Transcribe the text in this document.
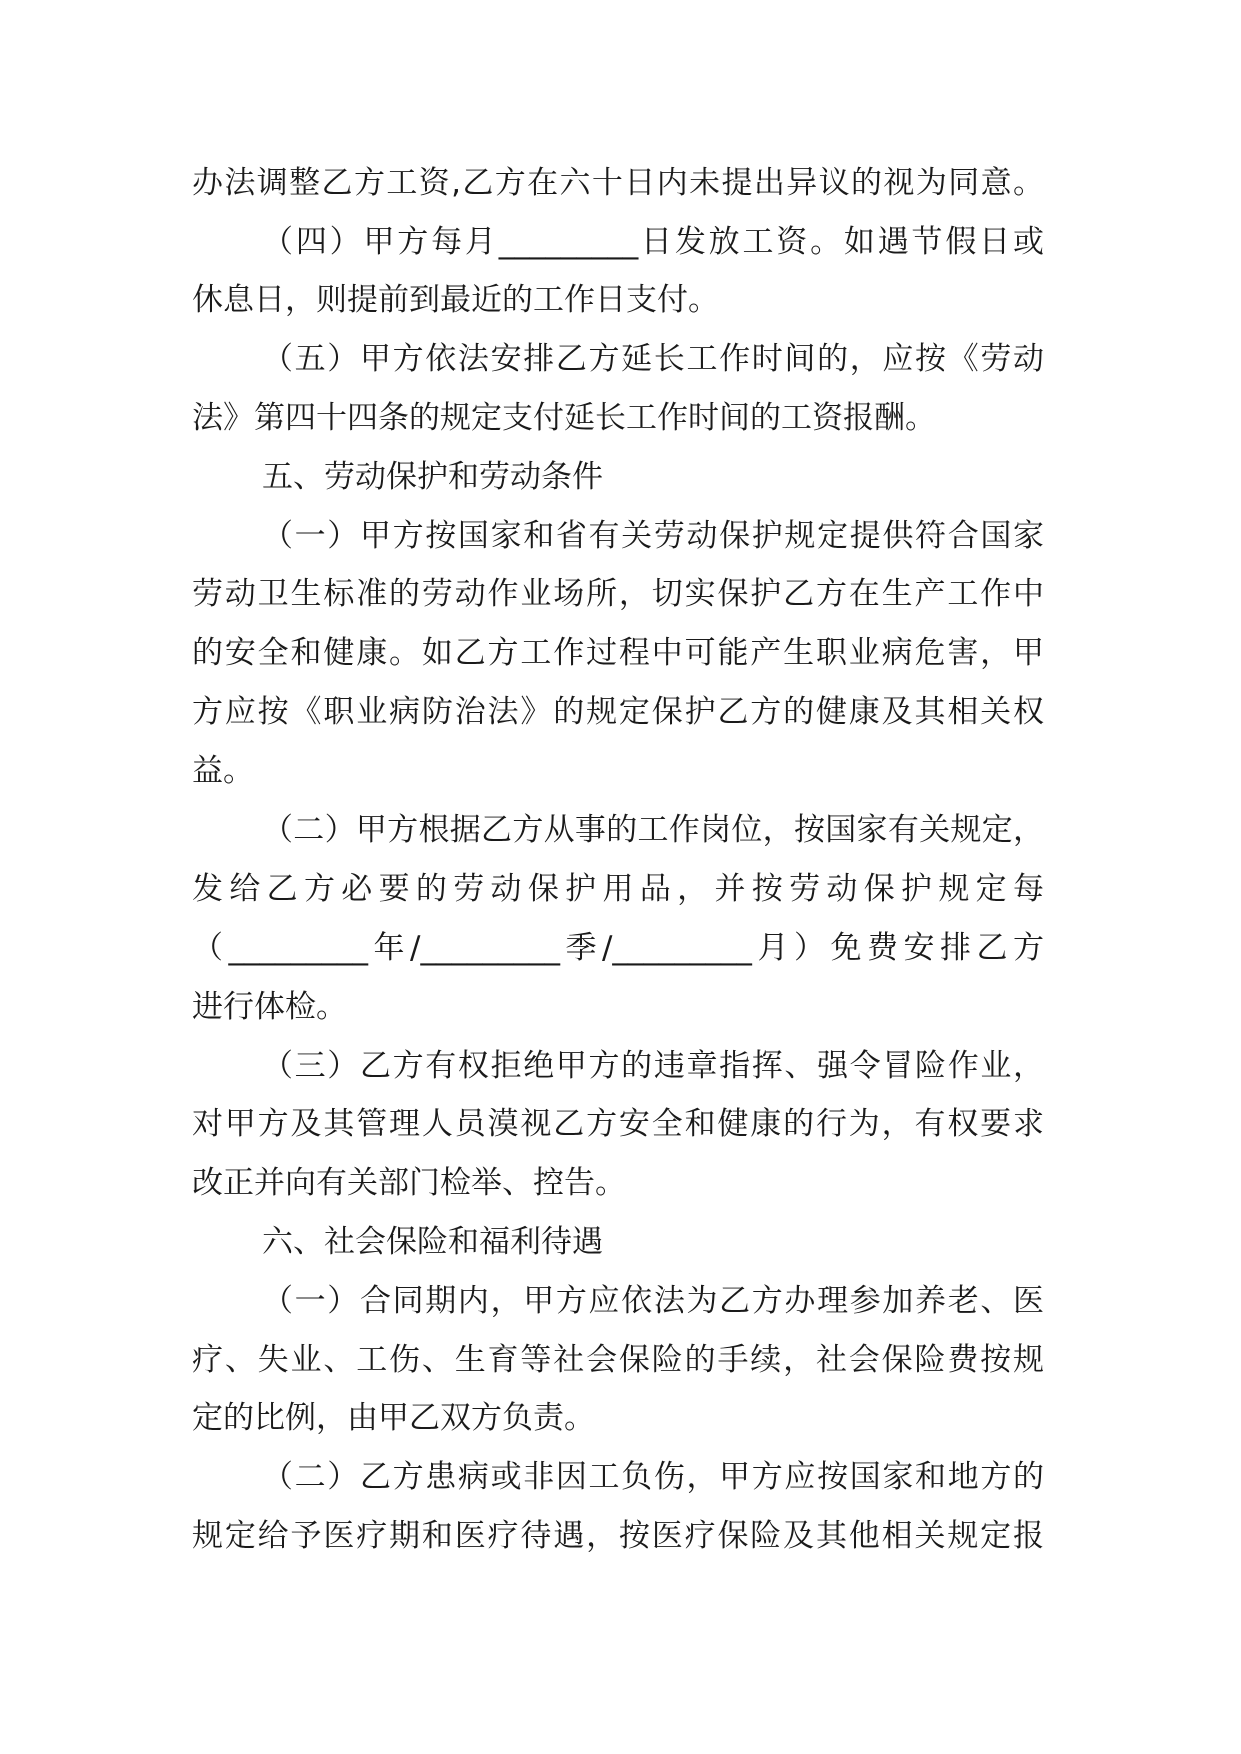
办法调整乙方工资,乙方在六十日内未提出异议的视为同意。
（四）甲方每月_________日发放工资。如遇节假日或
休息日，则提前到最近的工作日支付。
（五）甲方依法安排乙方延长工作时间的，应按《劳动
法》第四十四条的规定支付延长工作时间的工资报酬。
五、劳动保护和劳动条件
（一）甲方按国家和省有关劳动保护规定提供符合国家
劳动卫生标准的劳动作业场所，切实保护乙方在生产工作中
的安全和健康。如乙方工作过程中可能产生职业病危害，甲
方应按《职业病防治法》的规定保护乙方的健康及其相关权
益。
（二）甲方根据乙方从事的工作岗位，按国家有关规定，
发给乙方必要的劳动保护用品，并按劳动保护规定每
（_________年/_________季/_________月）免费安排乙方
进行体检。
（三）乙方有权拒绝甲方的违章指挥、强令冒险作业，
对甲方及其管理人员漠视乙方安全和健康的行为，有权要求
改正并向有关部门检举、控告。
六、社会保险和福利待遇
（一）合同期内，甲方应依法为乙方办理参加养老、医
疗、失业、工伤、生育等社会保险的手续，社会保险费按规
定的比例，由甲乙双方负责。
（二）乙方患病或非因工负伤，甲方应按国家和地方的
规定给予医疗期和医疗待遇，按医疗保险及其他相关规定报
